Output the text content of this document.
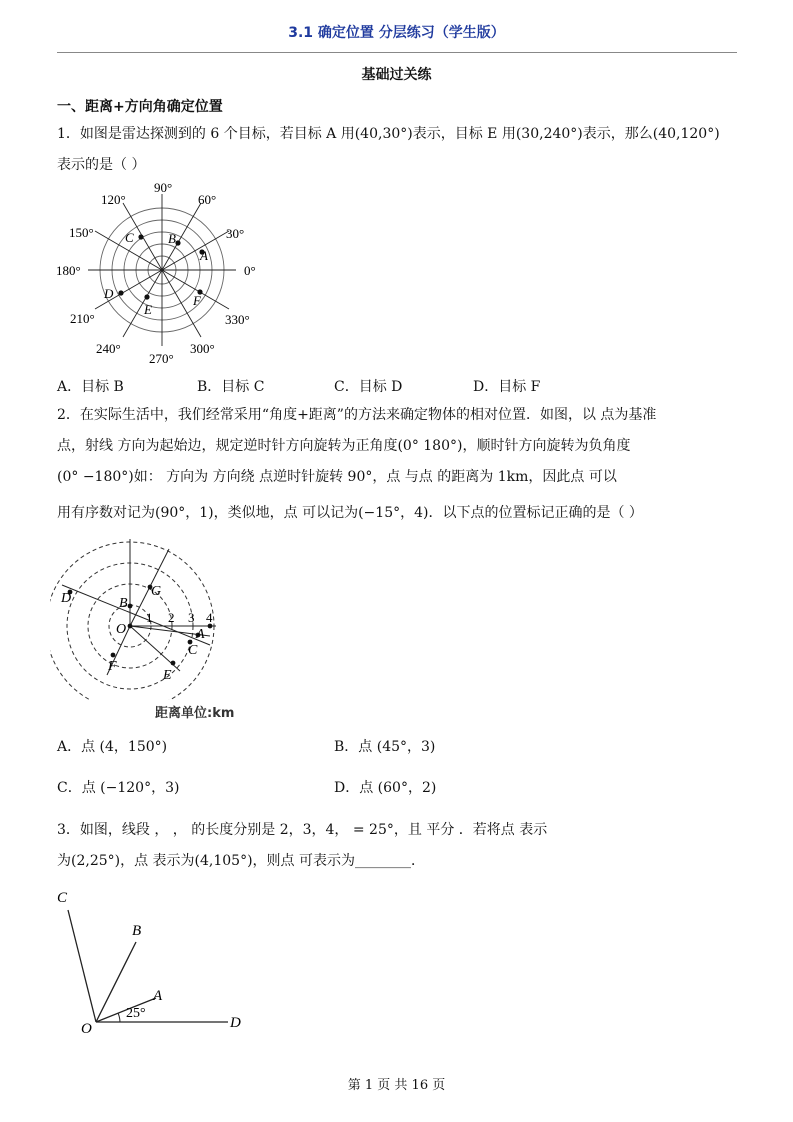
3.1 确定位置 分层练习（学生版）
基础过关练
一、距离+方向角确定位置
1．如图是雷达探测到的 6 个目标，若目标 A 用(40,30°)表示，目标 E 用(30,240°)表示，那么(40,120°)
表示的是（ ）
90°
60°
30°
0°
330°
300°
270°
240°
210°
180°
150°
120°
A
B
C
D
E
F
A．目标 B	B．目标 C	C．目标 D	D．目标 F
2．在实际生活中，我们经常采用“角度+距离”的方法来确定物体的相对位置．如图，以 点为基准
点，射线 方向为起始边，规定逆时针方向旋转为正角度(0° 180°)，顺时针方向旋转为负角度
(0° −180°)如： 方向为 方向绕 点逆时针旋转 90°，点 与点 的距离为 1km，因此点 可以
用有序数对记为(90°，1)，类似地，点 可以记为(−15°，4)．以下点的位置标记正确的是（ ）
D	B
G
O
1 2 3 4
A
C
F
E
距离单位:km
A．点 (4，150°)	B．点 (45°，3)
C．点 (−120°，3)	D．点 (60°，2)
3．如图，线段 ， ， 的长度分别是 2，3，4， = 25°，且 平分 ．若将点 表示
为(2,25°)，点 表示为(4,105°)，则点 可表示为________．
C
B
A
O	D
25°
第 1 页 共 16 页
